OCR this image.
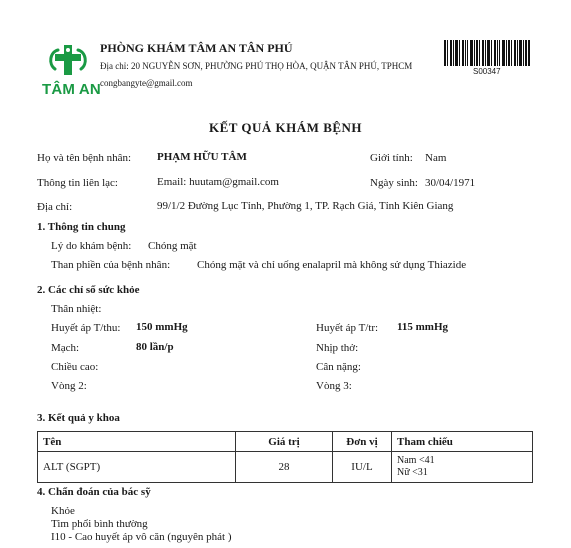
TÂM AN
PHÒNG KHÁM TÂM AN TÂN PHÚ
Địa chỉ: 20 NGUYỄN SƠN, PHƯỜNG PHÚ THỌ HÒA, QUẬN TÂN PHÚ, TPHCM
congbangyte@gmail.com
S00347
KẾT QUẢ KHÁM BỆNH
Họ và tên bệnh nhân: PHẠM HỮU TÂM	Giới tính: Nam
Thông tin liên lạc:	Email: huutam@gmail.com	Ngày sinh: 30/04/1971
Địa chỉ:	99/1/2 Đường Lục Tỉnh, Phường 1, TP. Rạch Giá, Tỉnh Kiên Giang
1. Thông tin chung
Lý do khám bệnh: Chóng mặt
Than phiền của bệnh nhân: Chóng mặt và chỉ uống enalapril mà không sử dụng Thiazide
2. Các chỉ số sức khỏe
Thân nhiệt:
Huyết áp T/thu: 150 mmHg	Huyết áp T/tr: 115 mmHg
Mạch:	80 lần/p	Nhịp thở:
Chiều cao:	Cân nặng:
Vòng 2:	Vòng 3:
3. Kết quả y khoa
Tên	Giá trị	Đơn vị	Tham chiếu
ALT (SGPT)	28	IU/L	Nam <41
Nữ <31
4. Chẩn đoán của bác sỹ
Khỏe
Tim phổi bình thường
I10 - Cao huyết áp vô căn (nguyên phát )
